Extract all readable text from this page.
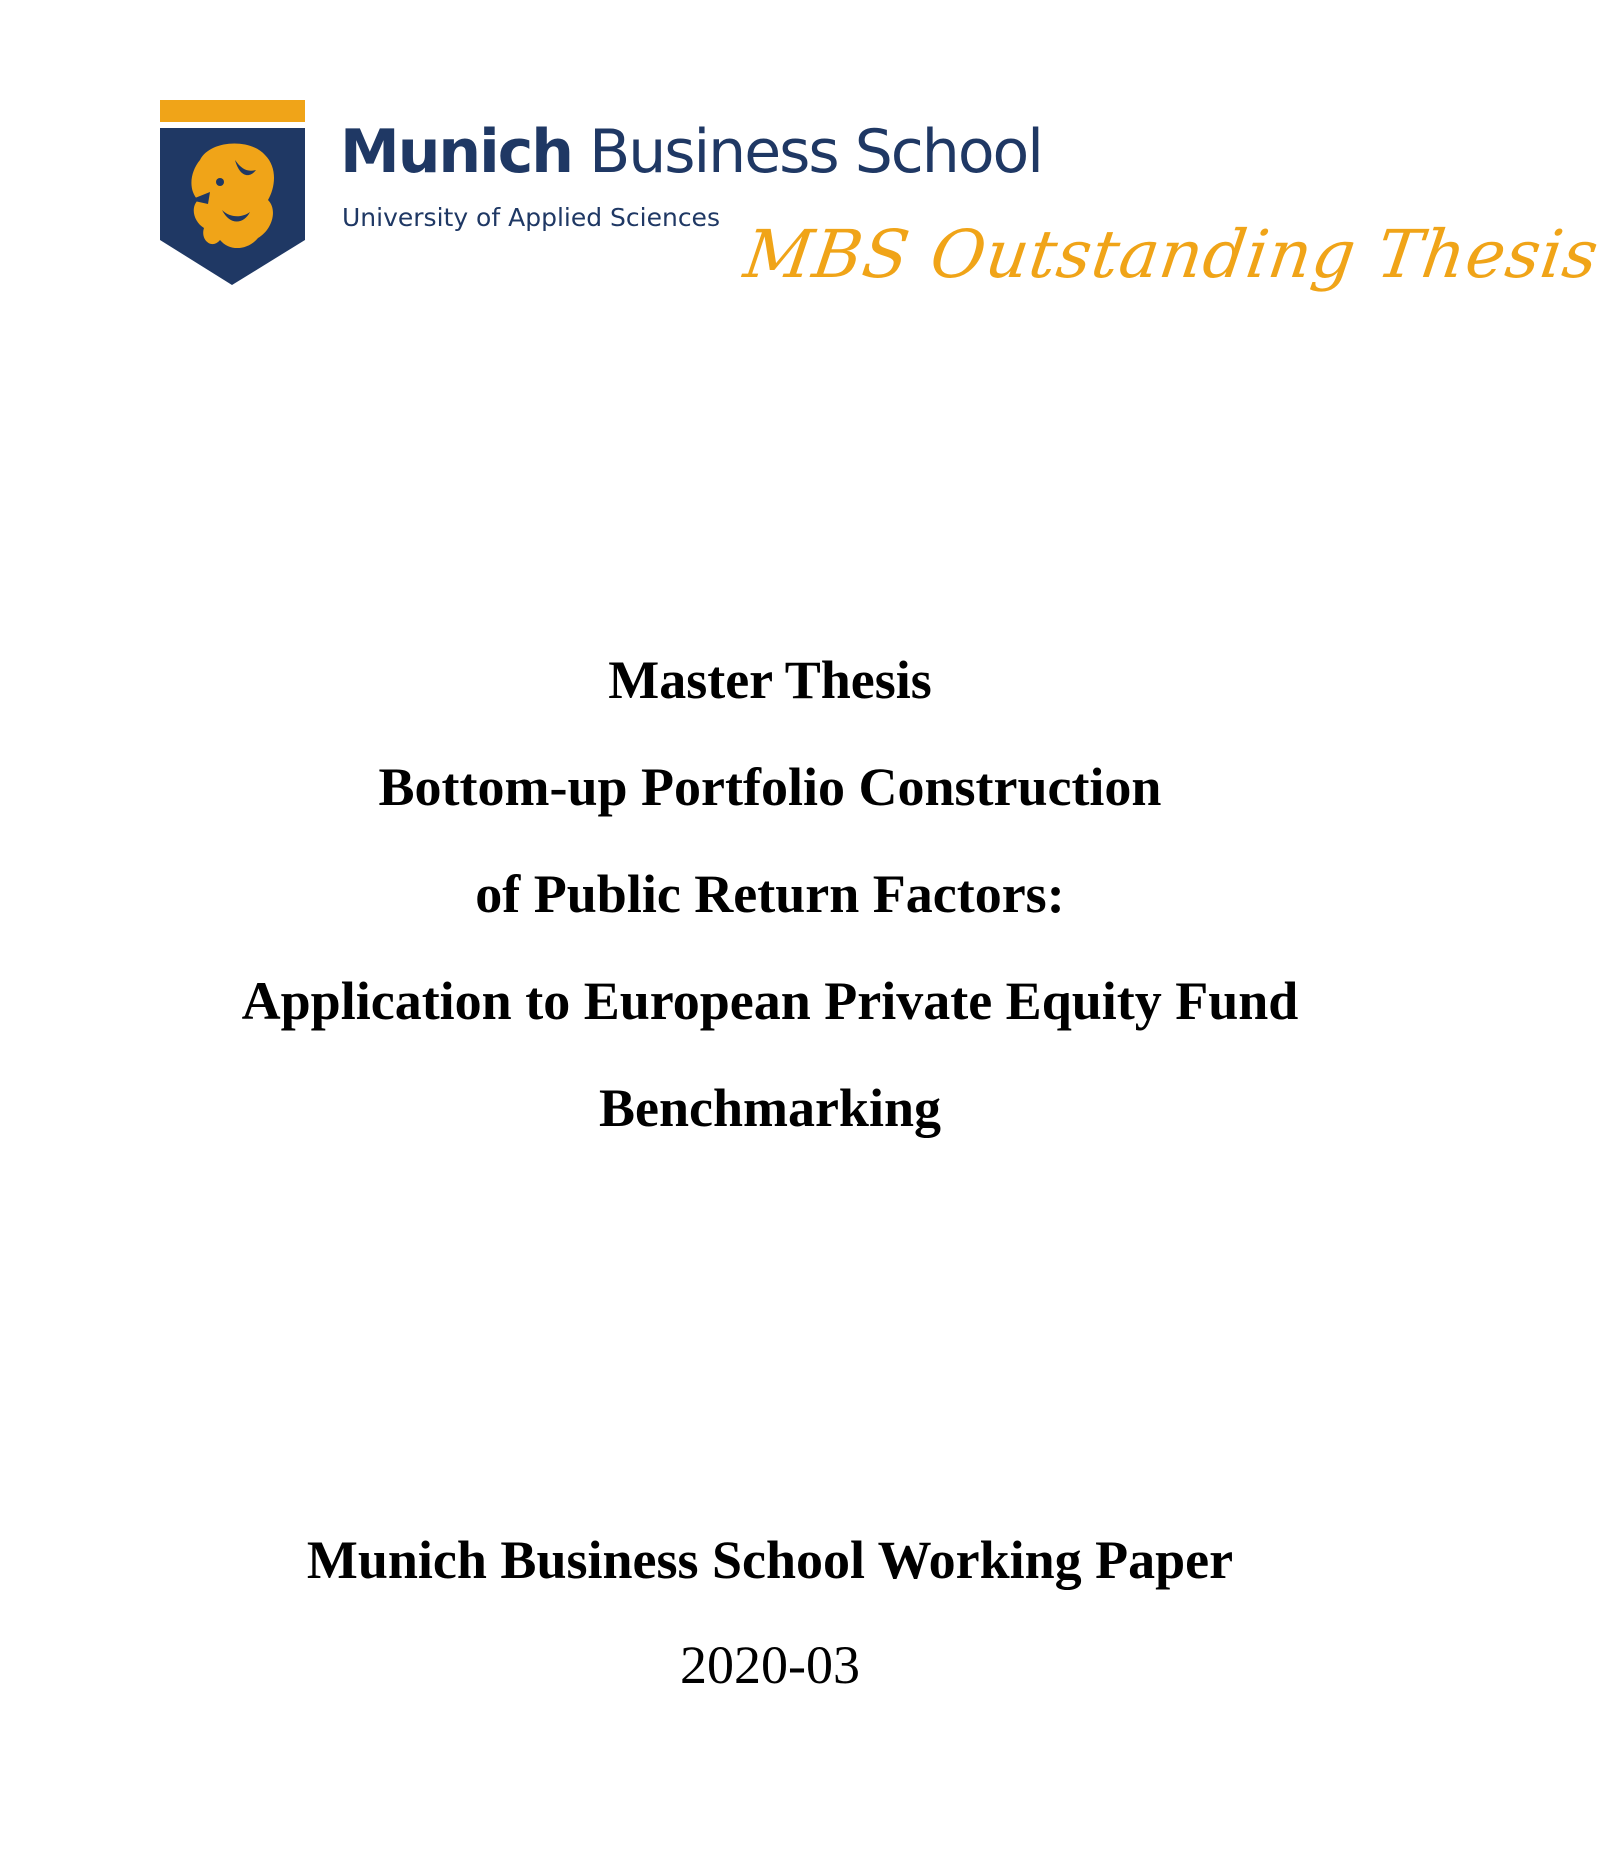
Munich Business School
University of Applied Sciences MBS Outstanding Thesis
Master Thesis
Bottom-up Portfolio Construction
of Public Return Factors:
Application to European Private Equity Fund
Benchmarking
Munich Business School Working Paper
2020-03
